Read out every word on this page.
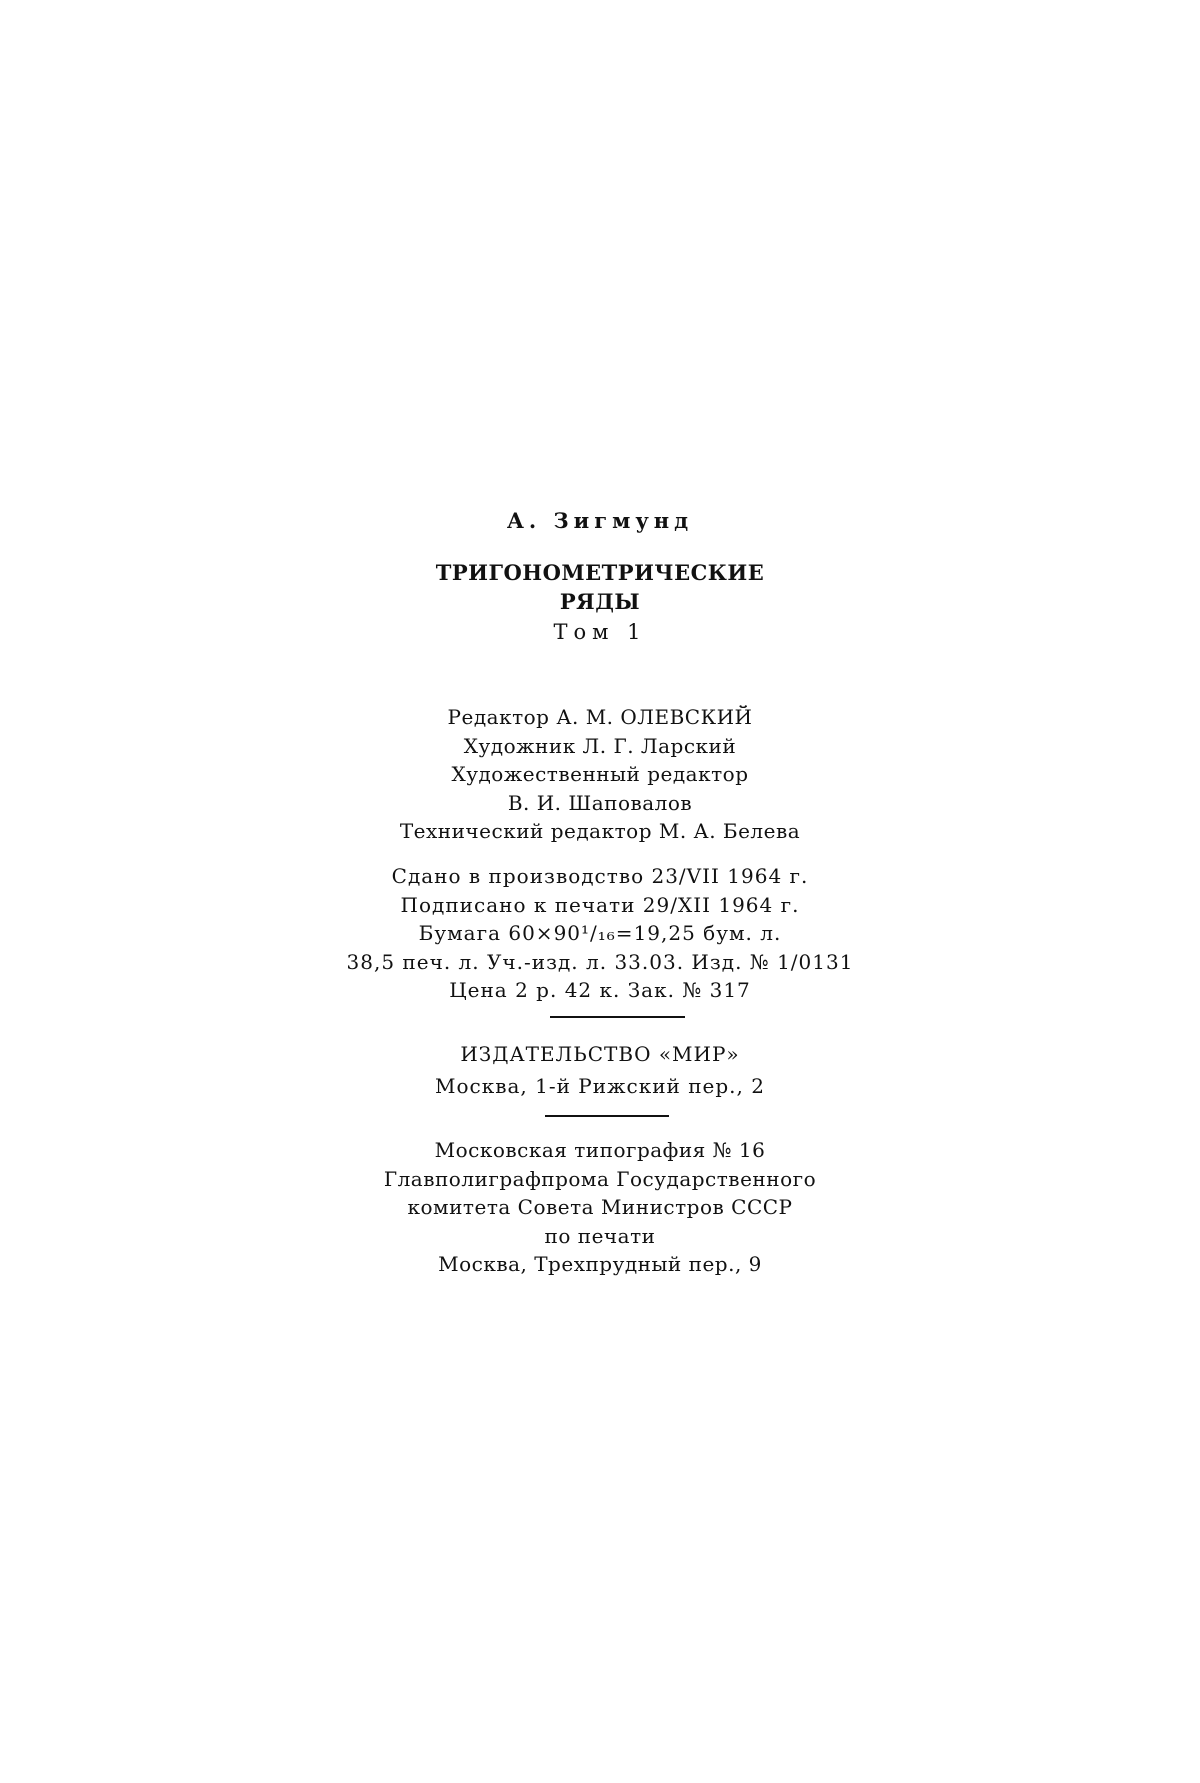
А. Зигмунд
ТРИГОНОМЕТРИЧЕСКИЕ
РЯДЫ
Том 1
Редактор А. М. ОЛЕВСКИЙ
Художник Л. Г. Ларский
Художественный редактор
В. И. Шаповалов
Технический редактор М. А. Белева
Сдано в производство 23/VII 1964 г.
Подписано к печати 29/XII 1964 г.
Бумага 60×90¹/₁₆=19,25 бум. л.
38,5 печ. л. Уч.-изд. л. 33.03. Изд. № 1/0131
Цена 2 р. 42 к. Зак. № 317
ИЗДАТЕЛЬСТВО «МИР»
Москва, 1-й Рижский пер., 2
Московская типография № 16
Главполиграфпрома Государственного
комитета Совета Министров СССР
по печати
Москва, Трехпрудный пер., 9
